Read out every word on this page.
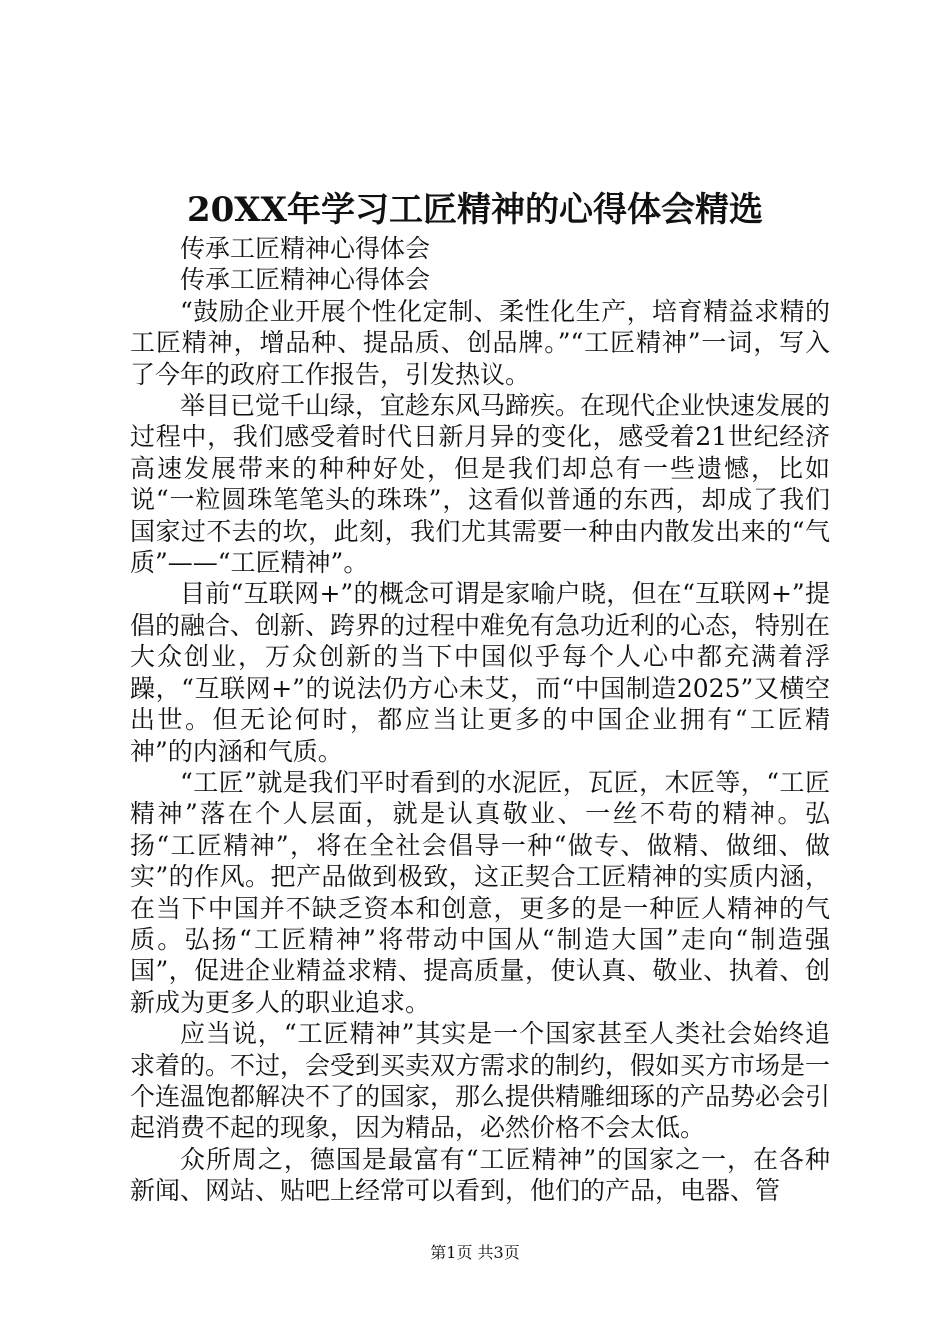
20XX年学习工匠精神的心得体会精选

传承工匠精神心得体会

传承工匠精神心得体会

“鼓励企业开展个性化定制、柔性化生产，培育精益求精的工匠精神，增品种、提品质、创品牌。”“工匠精神”一词，写入了今年的政府工作报告，引发热议。

举目已觉千山绿，宜趁东风马蹄疾。在现代企业快速发展的过程中，我们感受着时代日新月异的变化，感受着21世纪经济高速发展带来的种种好处，但是我们却总有一些遗憾，比如说“一粒圆珠笔笔头的珠珠”，这看似普通的东西，却成了我们国家过不去的坎，此刻，我们尤其需要一种由内散发出来的“气质”——“工匠精神”。

目前“互联网+”的概念可谓是家喻户晓，但在“互联网+”提倡的融合、创新、跨界的过程中难免有急功近利的心态，特别在大众创业，万众创新的当下中国似乎每个人心中都充满着浮躁，“互联网+”的说法仍方心未艾，而“中国制造2025”又横空出世。但无论何时，都应当让更多的中国企业拥有“工匠精神”的内涵和气质。

“工匠”就是我们平时看到的水泥匠，瓦匠，木匠等，“工匠精神”落在个人层面，就是认真敬业、一丝不苟的精神。弘扬“工匠精神”，将在全社会倡导一种“做专、做精、做细、做实”的作风。把产品做到极致，这正契合工匠精神的实质内涵，在当下中国并不缺乏资本和创意，更多的是一种匠人精神的气质。弘扬“工匠精神”将带动中国从“制造大国”走向“制造强国”，促进企业精益求精、提高质量，使认真、敬业、执着、创新成为更多人的职业追求。

应当说，“工匠精神”其实是一个国家甚至人类社会始终追求着的。不过，会受到买卖双方需求的制约，假如买方市场是一个连温饱都解决不了的国家，那么提供精雕细琢的产品势必会引起消费不起的现象，因为精品，必然价格不会太低。

众所周之，德国是最富有“工匠精神”的国家之一，在各种新闻、网站、贴吧上经常可以看到，他们的产品，电器、管

第1页 共3页
